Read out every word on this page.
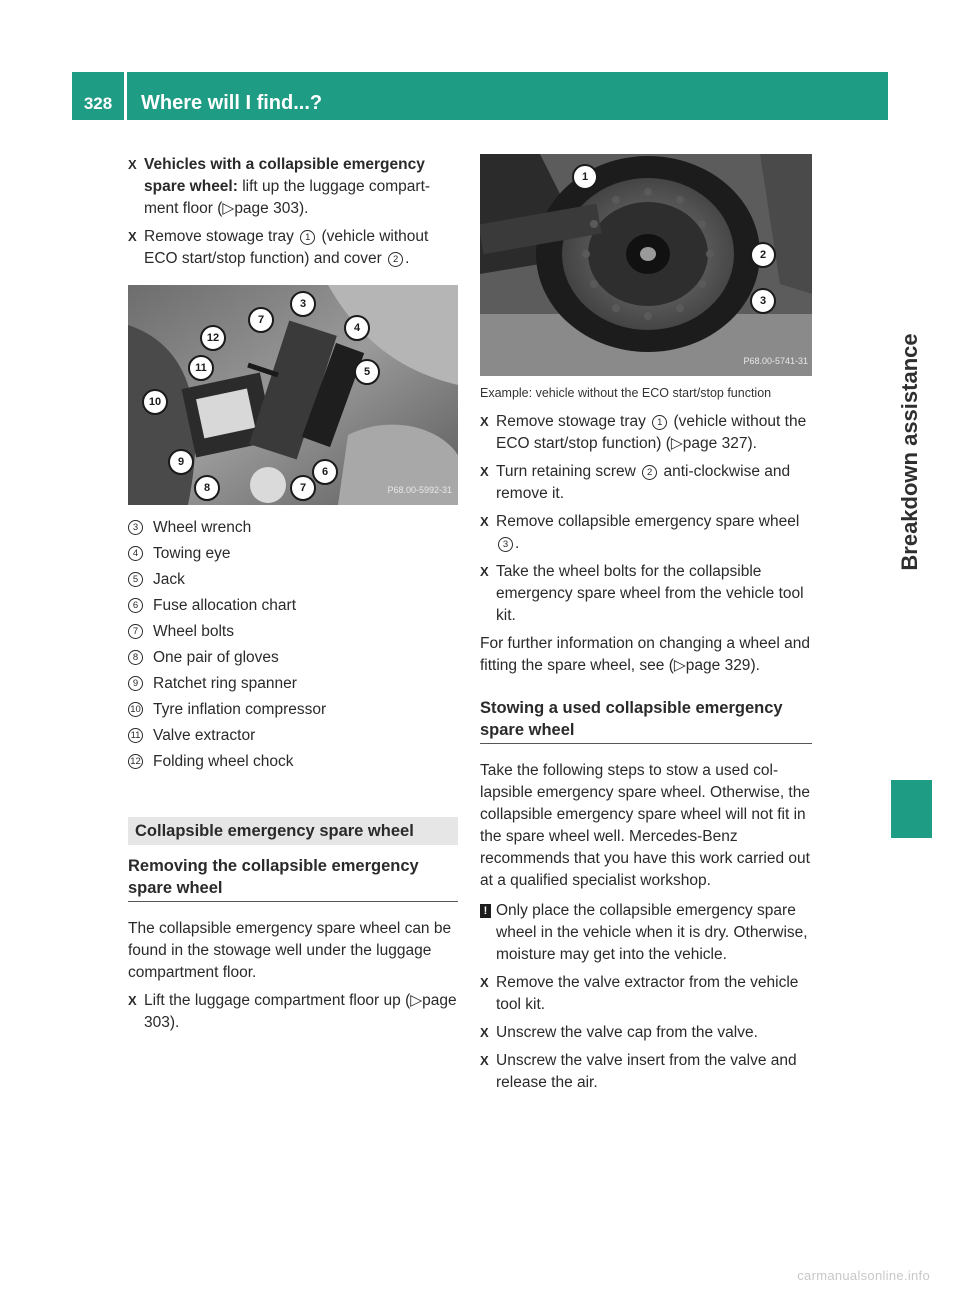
328	Where will I find...?
Breakdown assistance
X Vehicles with a collapsible emergency spare wheel: lift up the luggage compartment floor (▷page 303).
X Remove stowage tray 1 (vehicle without ECO start/stop function) and cover 2 .
P68.00-5992-31
3
4
5
6
7
7
8
9
10
11
12
3 Wheel wrench
4 Towing eye
5 Jack
6 Fuse allocation chart
7 Wheel bolts
8 One pair of gloves
9 Ratchet ring spanner
10 Tyre inflation compressor
11 Valve extractor
12 Folding wheel chock
Collapsible emergency spare wheel
Removing the collapsible emergency spare wheel
The collapsible emergency spare wheel can be found in the stowage well under the luggage compartment floor.
X Lift the luggage compartment floor up (▷page 303).
P68.00-5741-31
1
2
3
Example: vehicle without the ECO start/stop function
X Remove stowage tray 1 (vehicle without the ECO start/stop function) (▷page 327).
X Turn retaining screw 2 anti-clockwise and remove it.
X Remove collapsible emergency spare wheel 3 .
X Take the wheel bolts for the collapsible emergency spare wheel from the vehicle tool kit.
For further information on changing a wheel and fitting the spare wheel, see (▷page 329).
Stowing a used collapsible emergency spare wheel
Take the following steps to stow a used collapsible emergency spare wheel. Otherwise, the collapsible emergency spare wheel will not fit in the spare wheel well. Mercedes-Benz recommends that you have this work carried out at a qualified specialist workshop.
! Only place the collapsible emergency spare wheel in the vehicle when it is dry. Otherwise, moisture may get into the vehicle.
X Remove the valve extractor from the vehicle tool kit.
X Unscrew the valve cap from the valve.
X Unscrew the valve insert from the valve and release the air.
carmanualsonline.info
